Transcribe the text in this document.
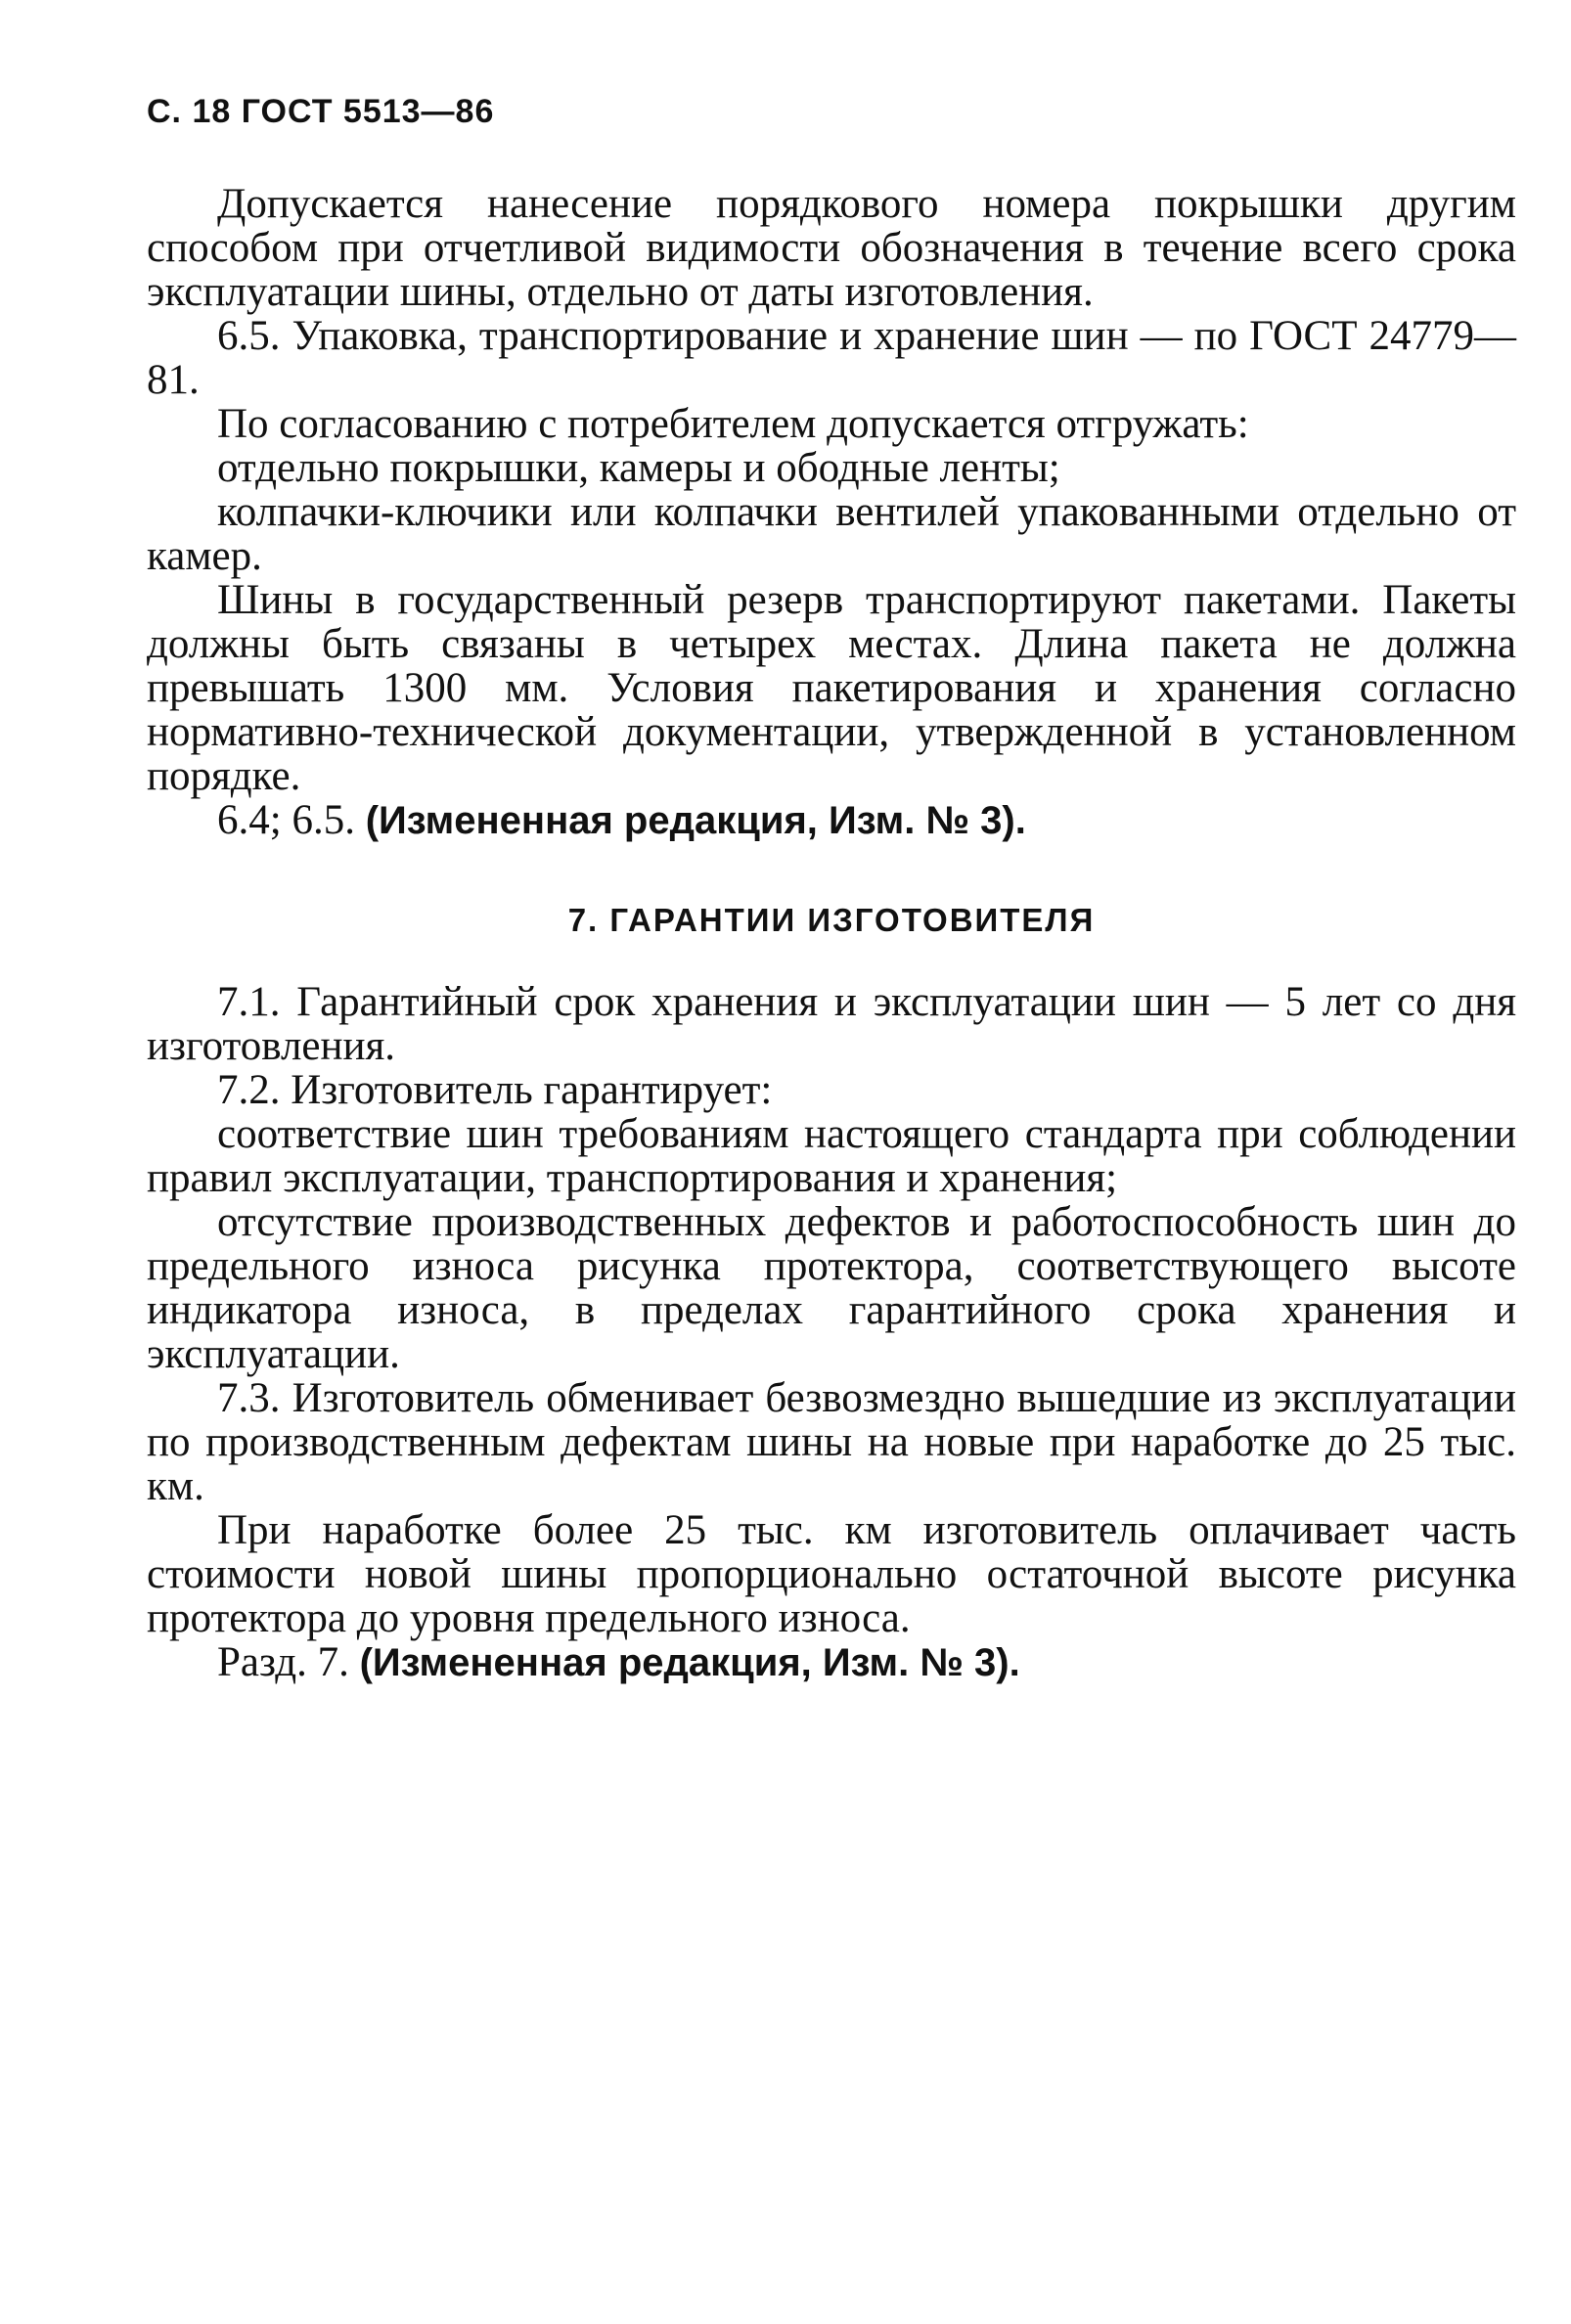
С. 18 ГОСТ 5513—86

Допускается нанесение порядкового номера покрышки другим способом при отчетливой видимости обозначения в течение всего срока эксплуатации шины, отдельно от даты изготовления.

6.5. Упаковка, транспортирование и хранение шин — по ГОСТ 24779—81.

По согласованию с потребителем допускается отгружать:

отдельно покрышки, камеры и ободные ленты;

колпачки-ключики или колпачки вентилей упакованными отдельно от камер.

Шины в государственный резерв транспортируют пакетами. Пакеты должны быть связаны в четырех местах. Длина пакета не должна превышать 1300 мм. Условия пакетирования и хранения согласно нормативно-технической документации, утвержденной в установленном порядке.

6.4; 6.5. (Измененная редакция, Изм. № 3).

7. ГАРАНТИИ ИЗГОТОВИТЕЛЯ

7.1. Гарантийный срок хранения и эксплуатации шин — 5 лет со дня изготовления.

7.2. Изготовитель гарантирует:

соответствие шин требованиям настоящего стандарта при соблюдении правил эксплуатации, транспортирования и хранения;

отсутствие производственных дефектов и работоспособность шин до предельного износа рисунка протектора, соответствующего высоте индикатора износа, в пределах гарантийного срока хранения и эксплуатации.

7.3. Изготовитель обменивает безвозмездно вышедшие из эксплуатации по производственным дефектам шины на новые при наработке до 25 тыс. км.

При наработке более 25 тыс. км изготовитель оплачивает часть стоимости новой шины пропорционально остаточной высоте рисунка протектора до уровня предельного износа.

Разд. 7. (Измененная редакция, Изм. № 3).
